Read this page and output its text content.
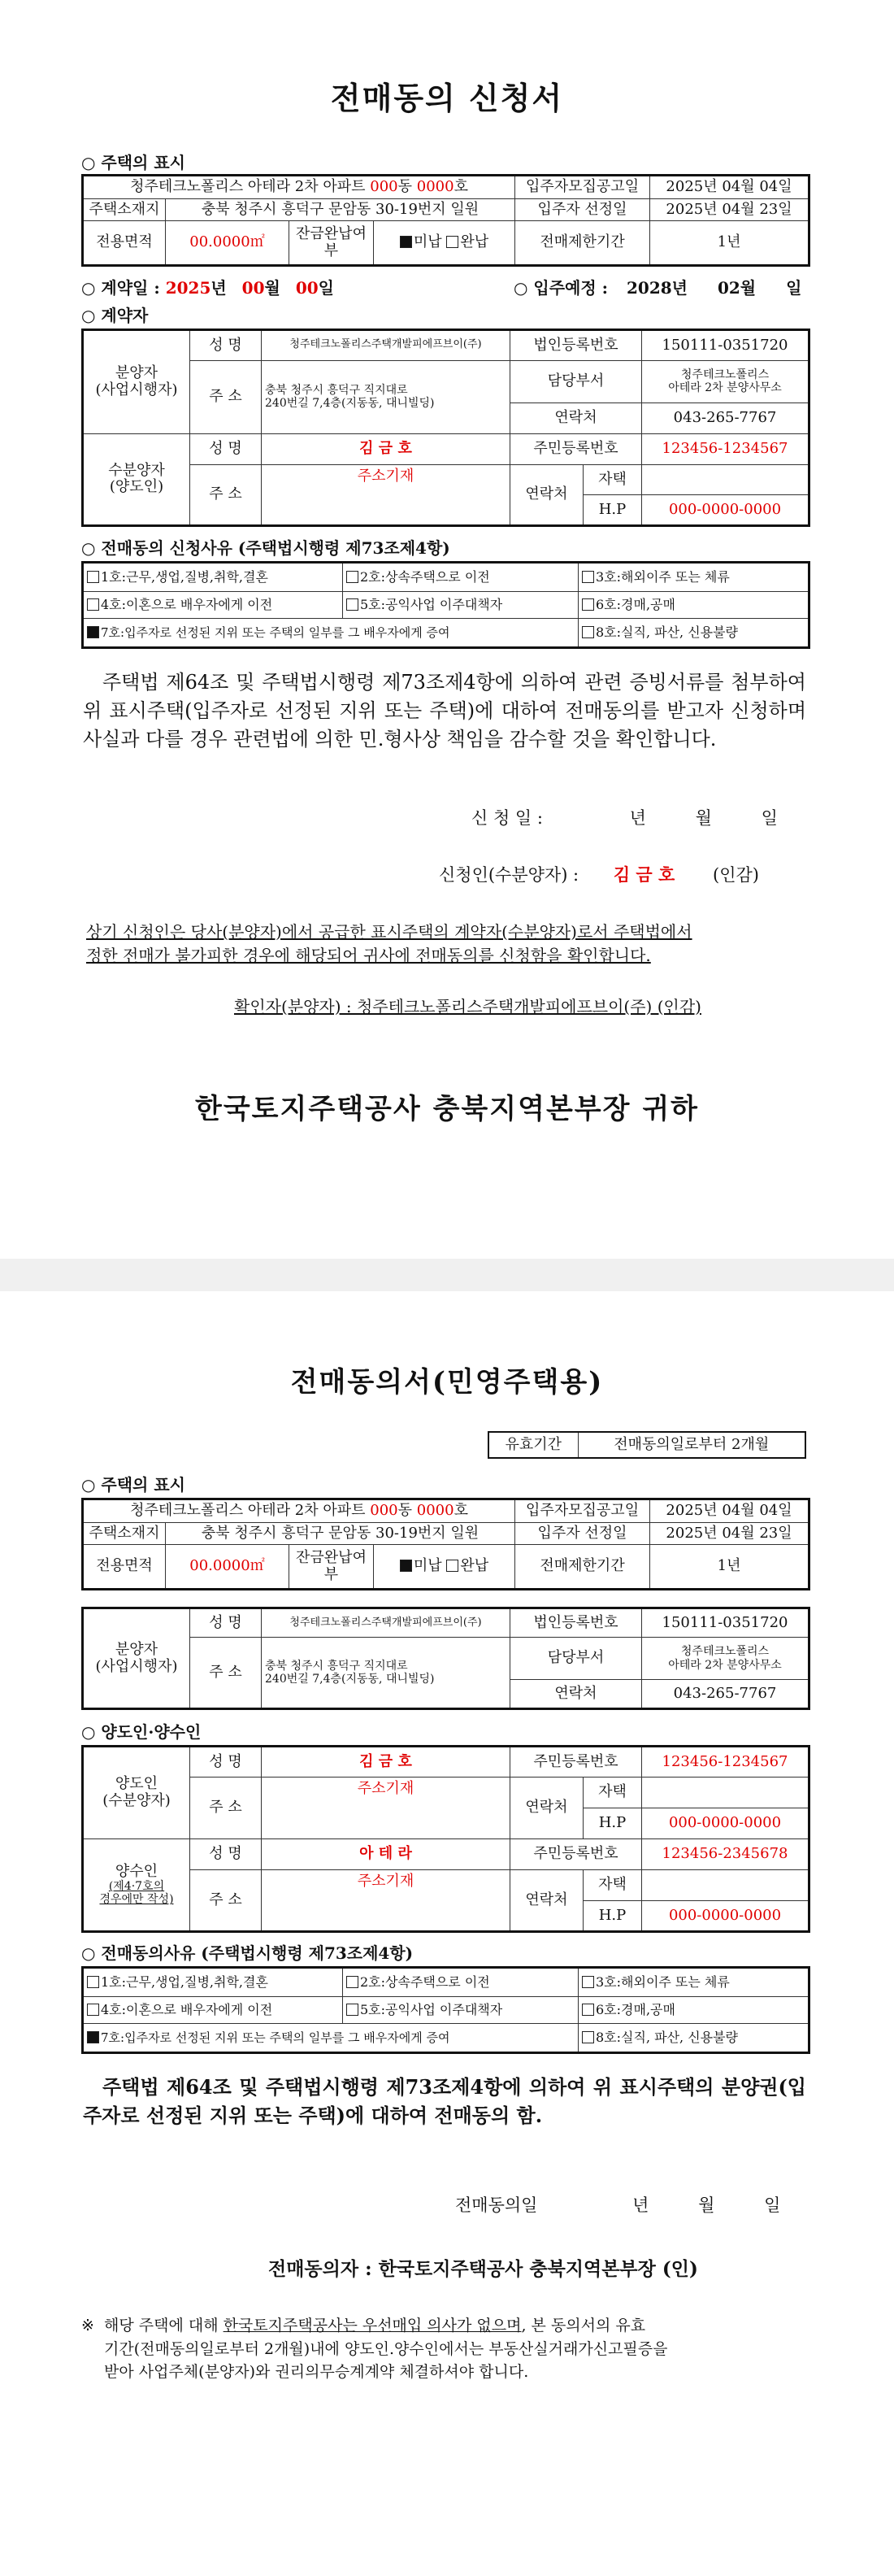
전매동의 신청서
○ 주택의 표시
청주테크노폴리스 아테라 2차 아파트 000동 0000호				입주자모집공고일	2025년 04월 04일
주택소재지	충북 청주시 흥덕구 문암동 30-19번지 일원			입주자 선정일	2025년 04월 23일
전용면적	00.0000㎡	잔금완납여부	미납 완납	전매제한기간	1년
○ 계약일 : 2025년 00월 00일	○ 입주예정 : 2028년 02월 일
○ 계약자
분양자
(사업시행자)	성 명	청주테크노폴리스주택개발피에프브이(주)	법인등록번호		150111-0351720
	주 소	충북 청주시 흥덕구 직지대로
240번길 7,4층(지동동, 대니빌딩)	담당부서		청주테크노폴리스
아테라 2차 분양사무소
			연락처		043-265-7767
수분양자
(양도인)	성 명	김 금 호	주민등록번호		123456-1234567
	주 소	주소기재	연락처	자택	
				H.P	000-0000-0000
○ 전매동의 신청사유 (주택법시행령 제73조제4항)
1호:근무,생업,질병,취학,결혼	2호:상속주택으로 이전	3호:해외이주 또는 체류
4호:이혼으로 배우자에게 이전	5호:공익사업 이주대책자	6호:경매,공매
7호:입주자로 선정된 지위 또는 주택의 일부를 그 배우자에게 증여		8호:실직, 파산, 신용불량
주택법 제64조 및 주택법시행령 제73조제4항에 의하여 관련 증빙서류를 첨부하여 위 표시주택(입주자로 선정된 지위 또는 주택)에 대하여 전매동의를 받고자 신청하며 사실과 다를 경우 관련법에 의한 민.형사상 책임을 감수할 것을 확인합니다.
신 청 일 :	년	월	일
신청인(수분양자) : 김 금 호 (인감)
상기 신청인은 당사(분양자)에서 공급한 표시주택의 계약자(수분양자)로서 주택법에서
정한 전매가 불가피한 경우에 해당되어 귀사에 전매동의를 신청함을 확인합니다.
확인자(분양자) : 청주테크노폴리스주택개발피에프브이(주) (인감)
한국토지주택공사 충북지역본부장 귀하
전매동의서(민영주택용)
유효기간	전매동의일로부터 2개월
○ 주택의 표시
청주테크노폴리스 아테라 2차 아파트 000동 0000호				입주자모집공고일	2025년 04월 04일
주택소재지	충북 청주시 흥덕구 문암동 30-19번지 일원			입주자 선정일	2025년 04월 23일
전용면적	00.0000㎡	잔금완납여부	미납 완납	전매제한기간	1년
분양자
(사업시행자)	성 명	청주테크노폴리스주택개발피에프브이(주)	법인등록번호	150111-0351720
	주 소	충북 청주시 흥덕구 직지대로
240번길 7,4층(지동동, 대니빌딩)	담당부서	청주테크노폴리스
아테라 2차 분양사무소
			연락처	043-265-7767
○ 양도인·양수인
양도인
(수분양자)	성 명	김 금 호	주민등록번호		123456-1234567
	주 소	주소기재	연락처	자택	
				H.P	000-0000-0000

양수인
(제4·7호의
경우에만 작성)	성 명	아 테 라	주민등록번호		123456-2345678
	주 소	주소기재	연락처	자택	
				H.P	000-0000-0000
○ 전매동의사유 (주택법시행령 제73조제4항)
1호:근무,생업,질병,취학,결혼	2호:상속주택으로 이전	3호:해외이주 또는 체류
4호:이혼으로 배우자에게 이전	5호:공익사업 이주대책자	6호:경매,공매
7호:입주자로 선정된 지위 또는 주택의 일부를 그 배우자에게 증여		8호:실직, 파산, 신용불량
주택법 제64조 및 주택법시행령 제73조제4항에 의하여 위 표시주택의 분양권(입주자로 선정된 지위 또는 주택)에 대하여 전매동의 함.
전매동의일	년	월	일
전매동의자 : 한국토지주택공사 충북지역본부장 (인)
※ 해당 주택에 대해 한국토지주택공사는 우선매입 의사가 없으며, 본 동의서의 유효
기간(전매동의일로부터 2개월)내에 양도인.양수인에서는 부동산실거래가신고필증을
받아 사업주체(분양자)와 권리의무승계계약 체결하셔야 합니다.
